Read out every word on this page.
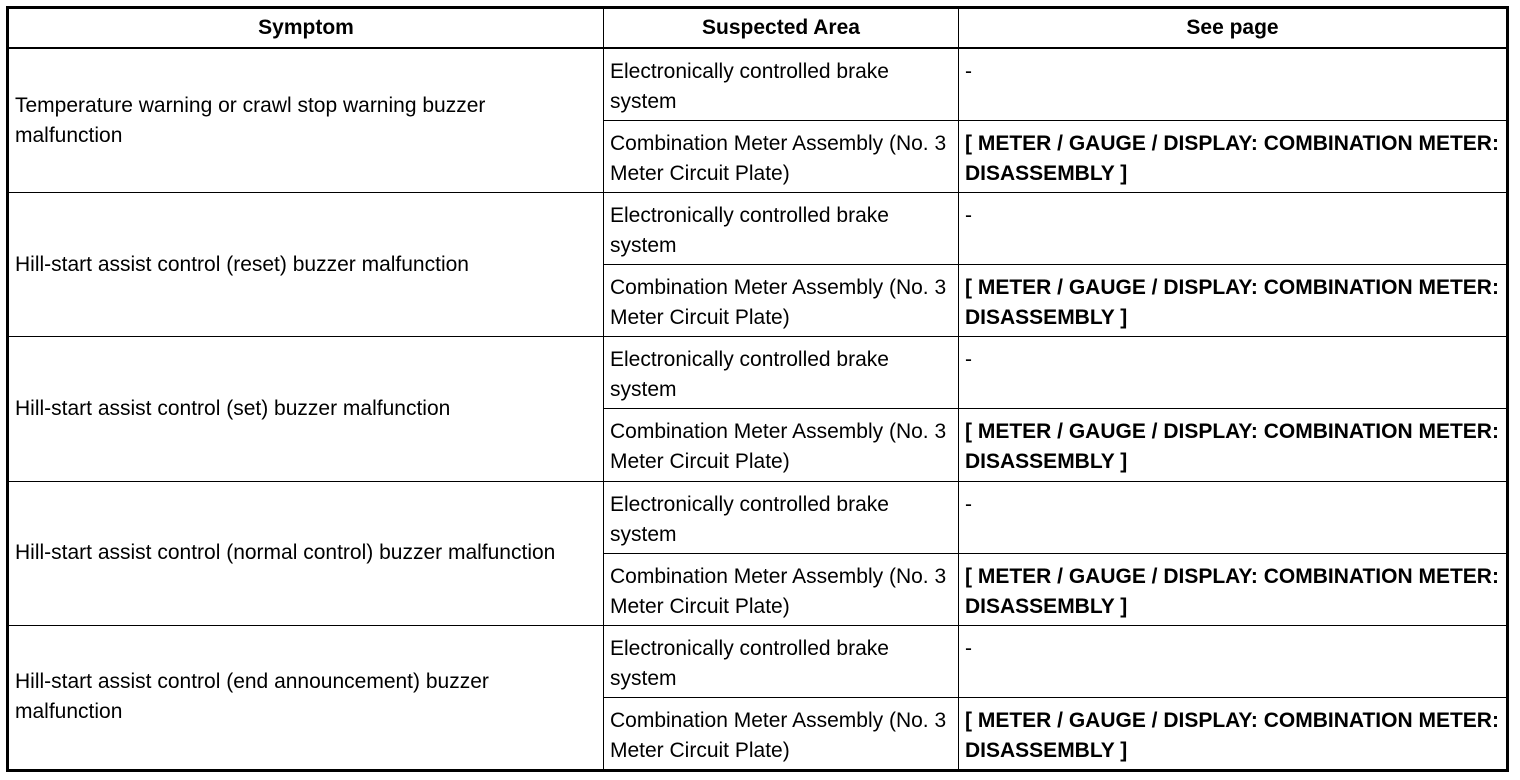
Symptom	Suspected Area	See page
Temperature warning or crawl stop warning buzzer malfunction	Electronically controlled brake system	-
	Combination Meter Assembly (No. 3 Meter Circuit Plate)	[ METER / GAUGE / DISPLAY: COMBINATION METER: DISASSEMBLY ]
Hill-start assist control (reset) buzzer malfunction	Electronically controlled brake system	-
	Combination Meter Assembly (No. 3 Meter Circuit Plate)	[ METER / GAUGE / DISPLAY: COMBINATION METER: DISASSEMBLY ]
Hill-start assist control (set) buzzer malfunction	Electronically controlled brake system	-
	Combination Meter Assembly (No. 3 Meter Circuit Plate)	[ METER / GAUGE / DISPLAY: COMBINATION METER: DISASSEMBLY ]
Hill-start assist control (normal control) buzzer malfunction	Electronically controlled brake system	-
	Combination Meter Assembly (No. 3 Meter Circuit Plate)	[ METER / GAUGE / DISPLAY: COMBINATION METER: DISASSEMBLY ]
Hill-start assist control (end announcement) buzzer malfunction	Electronically controlled brake system	-
	Combination Meter Assembly (No. 3 Meter Circuit Plate)	[ METER / GAUGE / DISPLAY: COMBINATION METER: DISASSEMBLY ]
